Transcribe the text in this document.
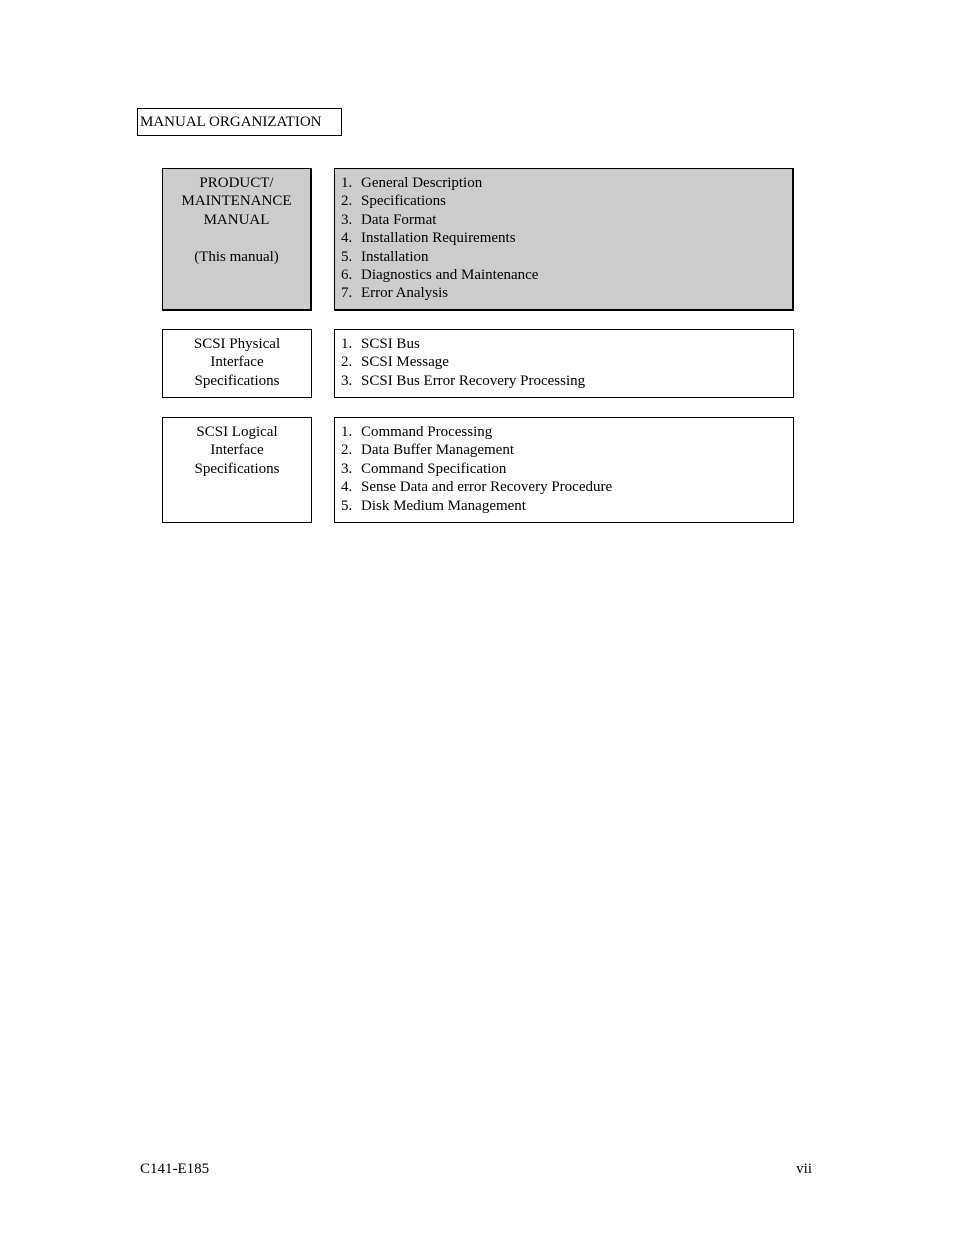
MANUAL ORGANIZATION
PRODUCT/
MAINTENANCE
MANUAL
(This manual)
1. General Description
2. Specifications
3. Data Format
4. Installation Requirements
5. Installation
6. Diagnostics and Maintenance
7. Error Analysis
SCSI Physical
Interface
Specifications
1. SCSI Bus
2. SCSI Message
3. SCSI Bus Error Recovery Processing
SCSI Logical
Interface
Specifications
1. Command Processing
2. Data Buffer Management
3. Command Specification
4. Sense Data and error Recovery Procedure
5. Disk Medium Management
C141-E185	vii
